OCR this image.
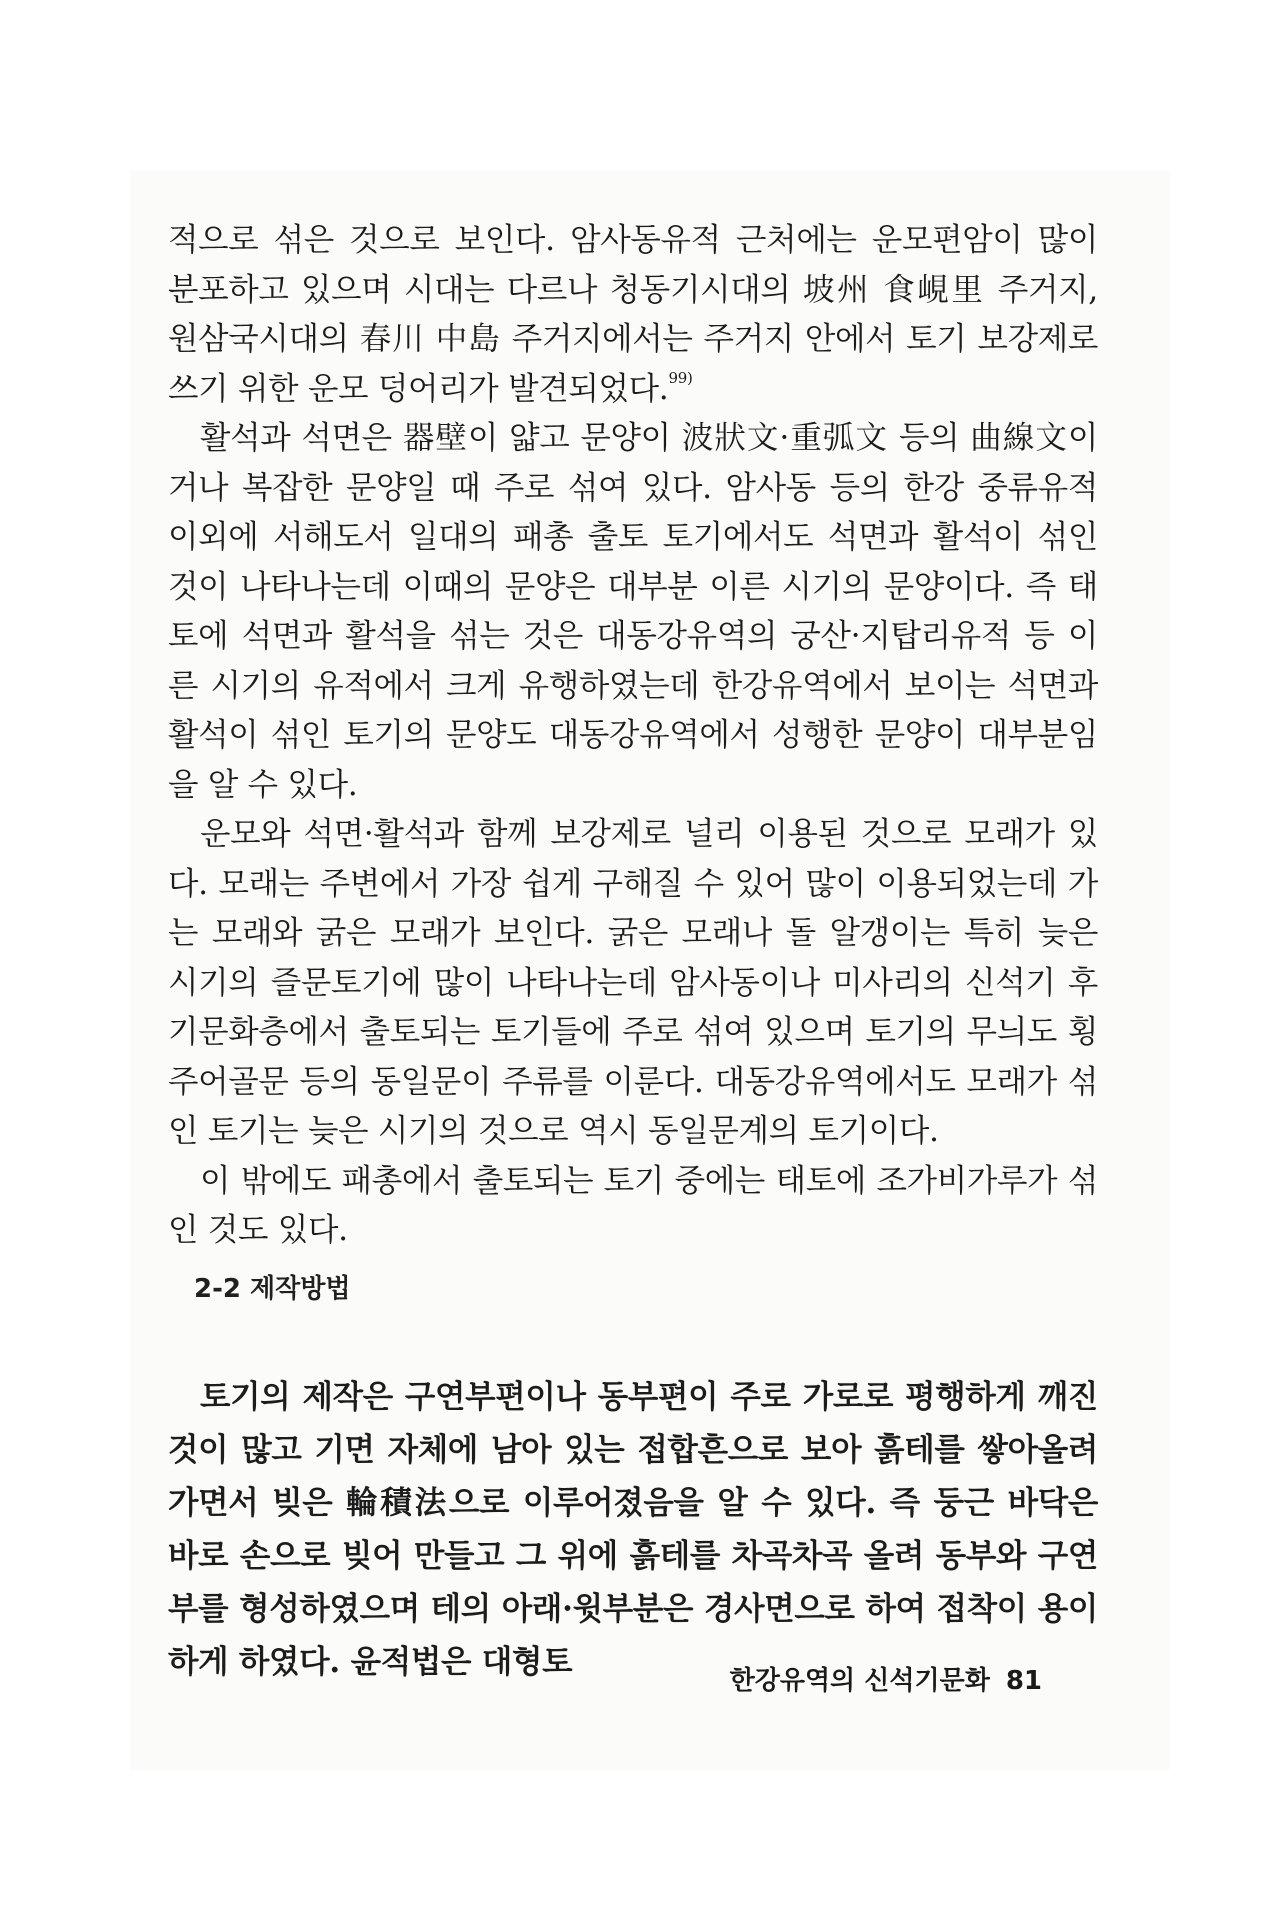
적으로 섞은 것으로 보인다. 암사동유적 근처에는 운모편암이 많이 분포하고 있으며 시대는 다르나 청동기시대의 坡州 食峴里 주거지, 원삼국시대의 春川 中島 주거지에서는 주거지 안에서 토기 보강제로 쓰기 위한 운모 덩어리가 발견되었다.$^{99)}$

활석과 석면은 器壁이 얇고 문양이 波狀文·重弧文 등의 曲線文이거나 복잡한 문양일 때 주로 섞여 있다. 암사동 등의 한강 중류유적 이외에 서해도서 일대의 패총 출토 토기에서도 석면과 활석이 섞인 것이 나타나는데 이때의 문양은 대부분 이른 시기의 문양이다. 즉 태토에 석면과 활석을 섞는 것은 대동강유역의 궁산·지탑리유적 등 이른 시기의 유적에서 크게 유행하였는데 한강유역에서 보이는 석면과 활석이 섞인 토기의 문양도 대동강유역에서 성행한 문양이 대부분임을 알 수 있다.

운모와 석면·활석과 함께 보강제로 널리 이용된 것으로 모래가 있다. 모래는 주변에서 가장 쉽게 구해질 수 있어 많이 이용되었는데 가는 모래와 굵은 모래가 보인다. 굵은 모래나 돌 알갱이는 특히 늦은 시기의 즐문토기에 많이 나타나는데 암사동이나 미사리의 신석기 후기문화층에서 출토되는 토기들에 주로 섞여 있으며 토기의 무늬도 횡주어골문 등의 동일문이 주류를 이룬다. 대동강유역에서도 모래가 섞인 토기는 늦은 시기의 것으로 역시 동일문계의 토기이다.

이 밖에도 패총에서 출토되는 토기 중에는 태토에 조가비가루가 섞인 것도 있다.

2-2 제작방법

토기의 제작은 구연부편이나 동부편이 주로 가로로 평행하게 깨진 것이 많고 기면 자체에 남아 있는 접합흔으로 보아 흙테를 쌓아올려 가면서 빚은 輪積法으로 이루어졌음을 알 수 있다. 즉 둥근 바닥은 바로 손으로 빚어 만들고 그 위에 흙테를 차곡차곡 올려 동부와 구연부를 형성하였으며 테의 아래·윗부분은 경사면으로 하여 접착이 용이하게 하였다. 윤적법은 대형토

한강유역의 신석기문화 81
